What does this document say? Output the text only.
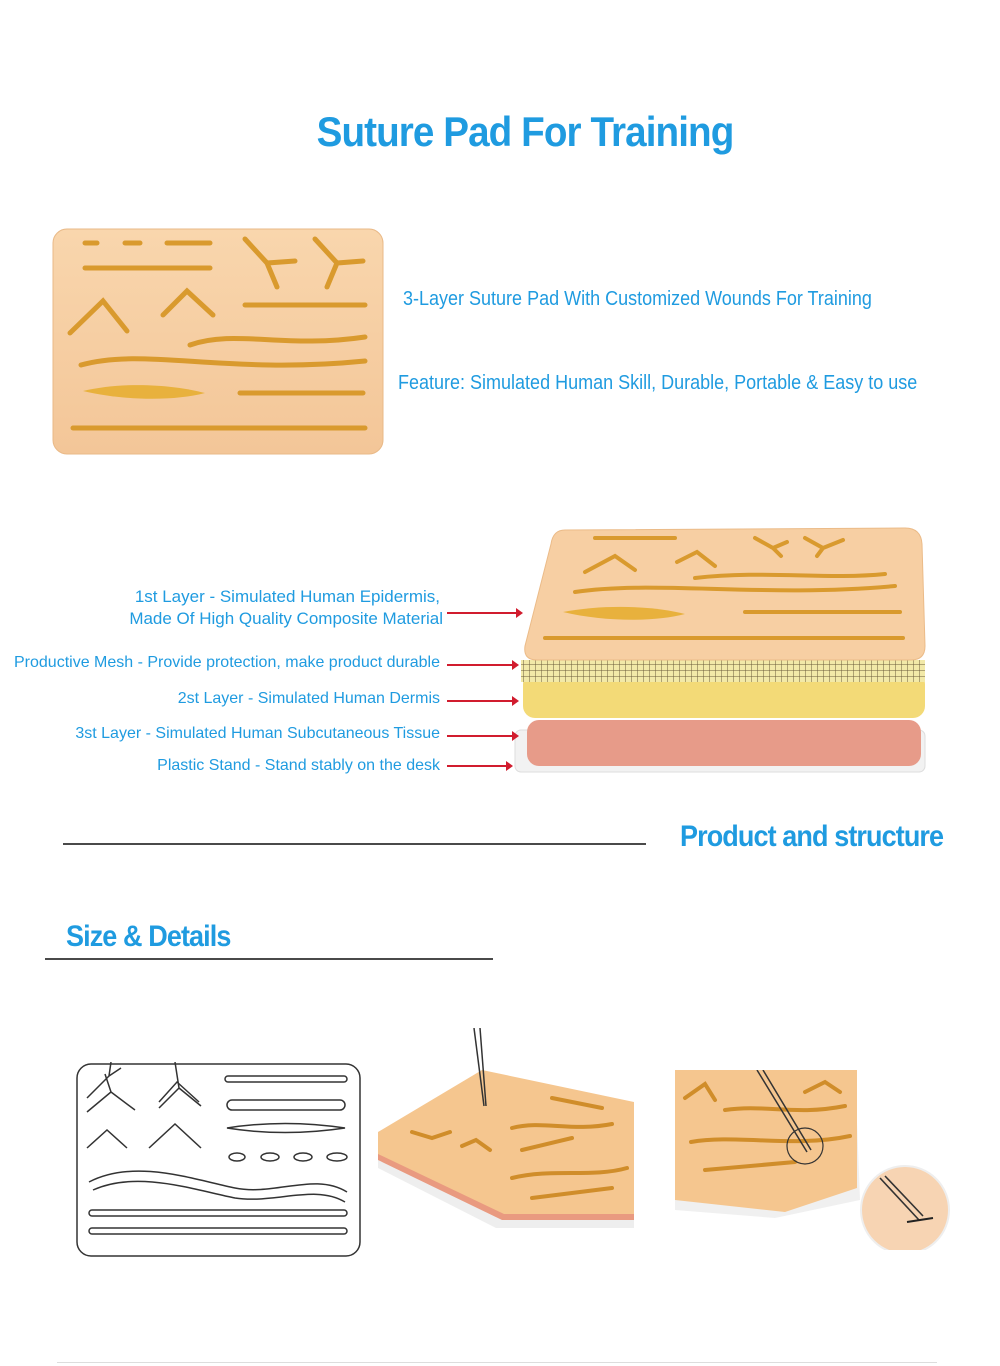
Suture Pad For Training
3-Layer Suture Pad With Customized Wounds For Training
Feature: Simulated Human Skill, Durable, Portable & Easy to use
1st Layer - Simulated Human Epidermis,
Made Of High Quality Composite Material
Productive Mesh - Provide protection, make product durable
2st Layer - Simulated Human Dermis
3st Layer - Simulated Human Subcutaneous Tissue
Plastic Stand - Stand stably on the desk
Product and structure
Size & Details
